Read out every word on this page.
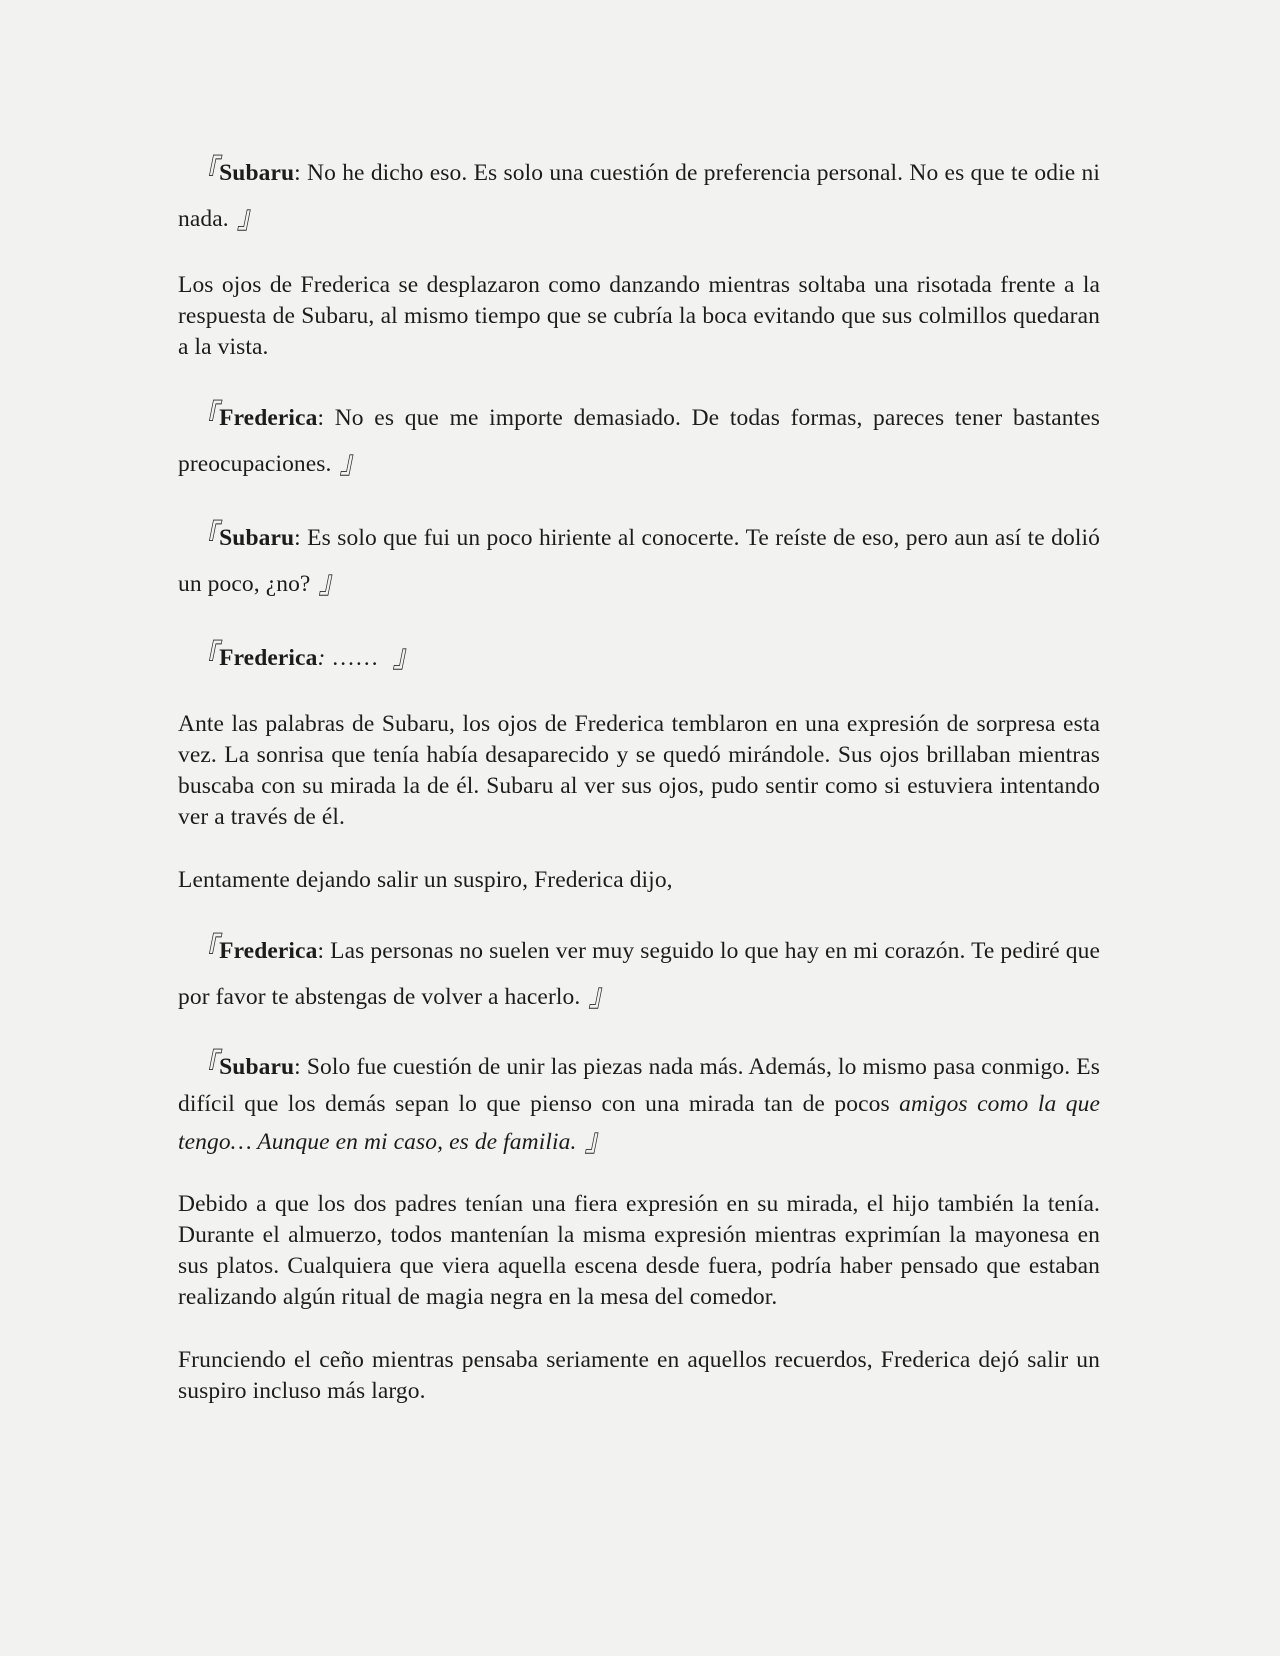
『Subaru: No he dicho eso. Es solo una cuestión de preferencia personal. No es que te odie ni nada. 』

Los ojos de Frederica se desplazaron como danzando mientras soltaba una risotada frente a la respuesta de Subaru, al mismo tiempo que se cubría la boca evitando que sus colmillos quedaran a la vista.

『Frederica: No es que me importe demasiado. De todas formas, pareces tener bastantes preocupaciones. 』

『Subaru: Es solo que fui un poco hiriente al conocerte. Te reíste de eso, pero aun así te dolió un poco, ¿no? 』

『Frederica: …… 』

Ante las palabras de Subaru, los ojos de Frederica temblaron en una expresión de sorpresa esta vez. La sonrisa que tenía había desaparecido y se quedó mirándole. Sus ojos brillaban mientras buscaba con su mirada la de él. Subaru al ver sus ojos, pudo sentir como si estuviera intentando ver a través de él.

Lentamente dejando salir un suspiro, Frederica dijo,

『Frederica: Las personas no suelen ver muy seguido lo que hay en mi corazón. Te pediré que por favor te abstengas de volver a hacerlo. 』

『Subaru: Solo fue cuestión de unir las piezas nada más. Además, lo mismo pasa conmigo. Es difícil que los demás sepan lo que pienso con una mirada tan de pocos amigos como la que tengo… Aunque en mi caso, es de familia. 』

Debido a que los dos padres tenían una fiera expresión en su mirada, el hijo también la tenía. Durante el almuerzo, todos mantenían la misma expresión mientras exprimían la mayonesa en sus platos. Cualquiera que viera aquella escena desde fuera, podría haber pensado que estaban realizando algún ritual de magia negra en la mesa del comedor.

Frunciendo el ceño mientras pensaba seriamente en aquellos recuerdos, Frederica dejó salir un suspiro incluso más largo.
